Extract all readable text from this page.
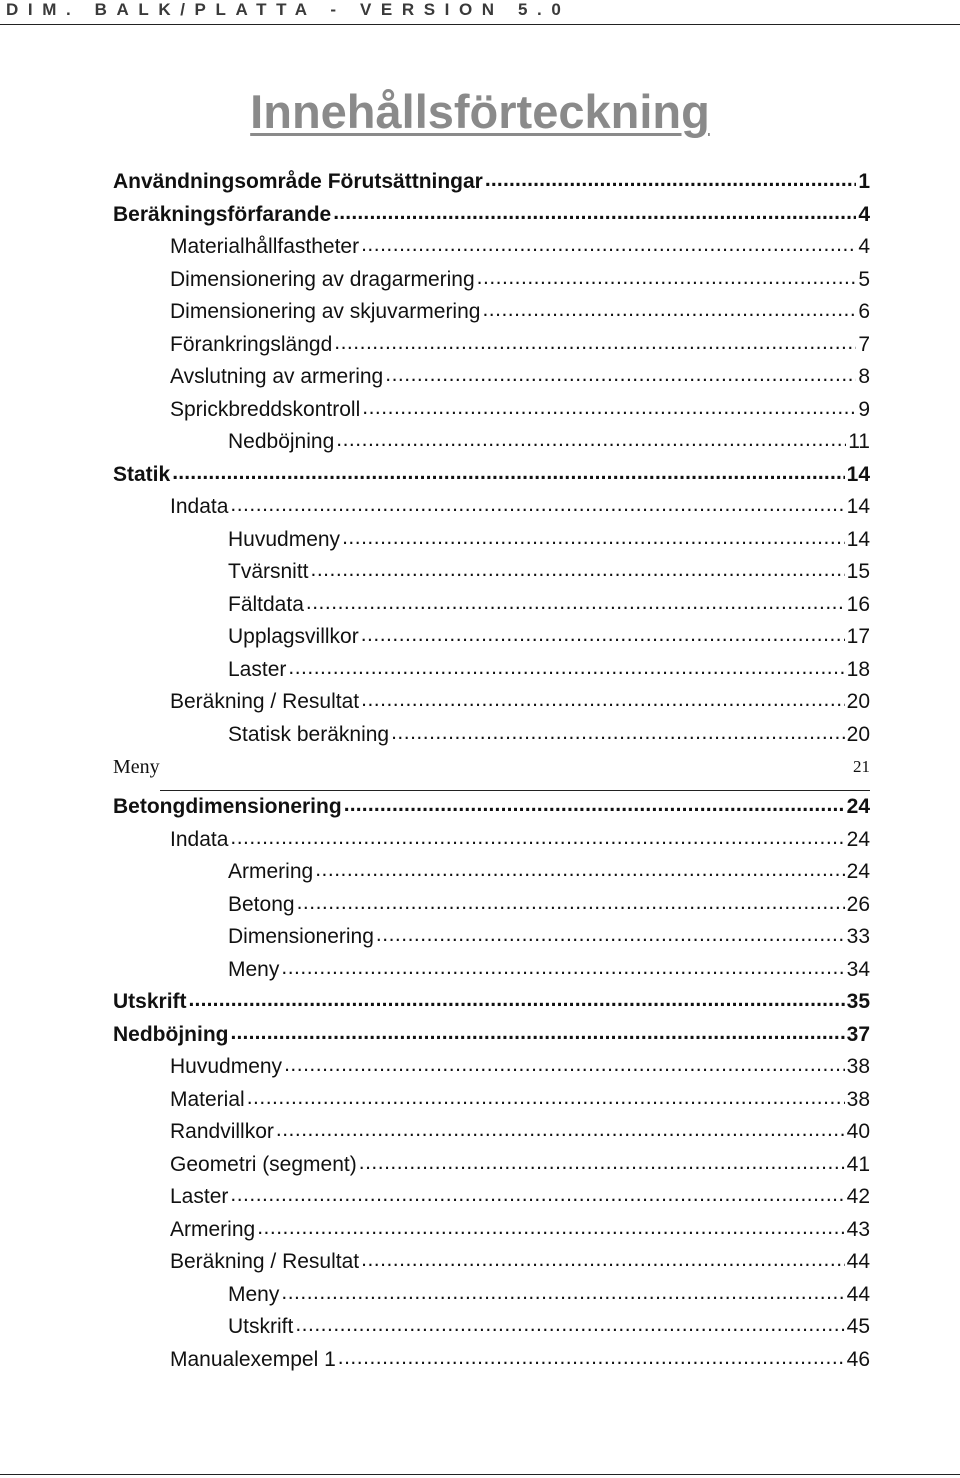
DIM. BALK/PLATTA - VERSION 5.0
Innehållsförteckning
Användningsområde Förutsättningar .....	1
Beräkningsförfarande .....	4
Materialhållfastheter .....	4
Dimensionering av dragarmering .....	5
Dimensionering av skjuvarmering .....	6
Förankringslängd .....	7
Avslutning av armering .....	8
Sprickbreddskontroll .....	9
Nedböjning .....	11
Statik .....	14
Indata .....	14
Huvudmeny .....	14
Tvärsnitt .....	15
Fältdata .....	16
Upplagsvillkor .....	17
Laster .....	18
Beräkning / Resultat .....	20
Statisk beräkning .....	20
Betongdimensionering .....	24
Indata .....	24
Armering .....	24
Betong .....	26
Dimensionering .....	33
Meny .....	34
Utskrift .....	35
Nedböjning .....	37
Huvudmeny .....	38
Material .....	38
Randvillkor .....	40
Geometri (segment) .....	41
Laster .....	42
Armering .....	43
Beräkning / Resultat .....	44
Meny .....	44
Utskrift .....	45
Manualexempel 1 .....	46
Meny	21
